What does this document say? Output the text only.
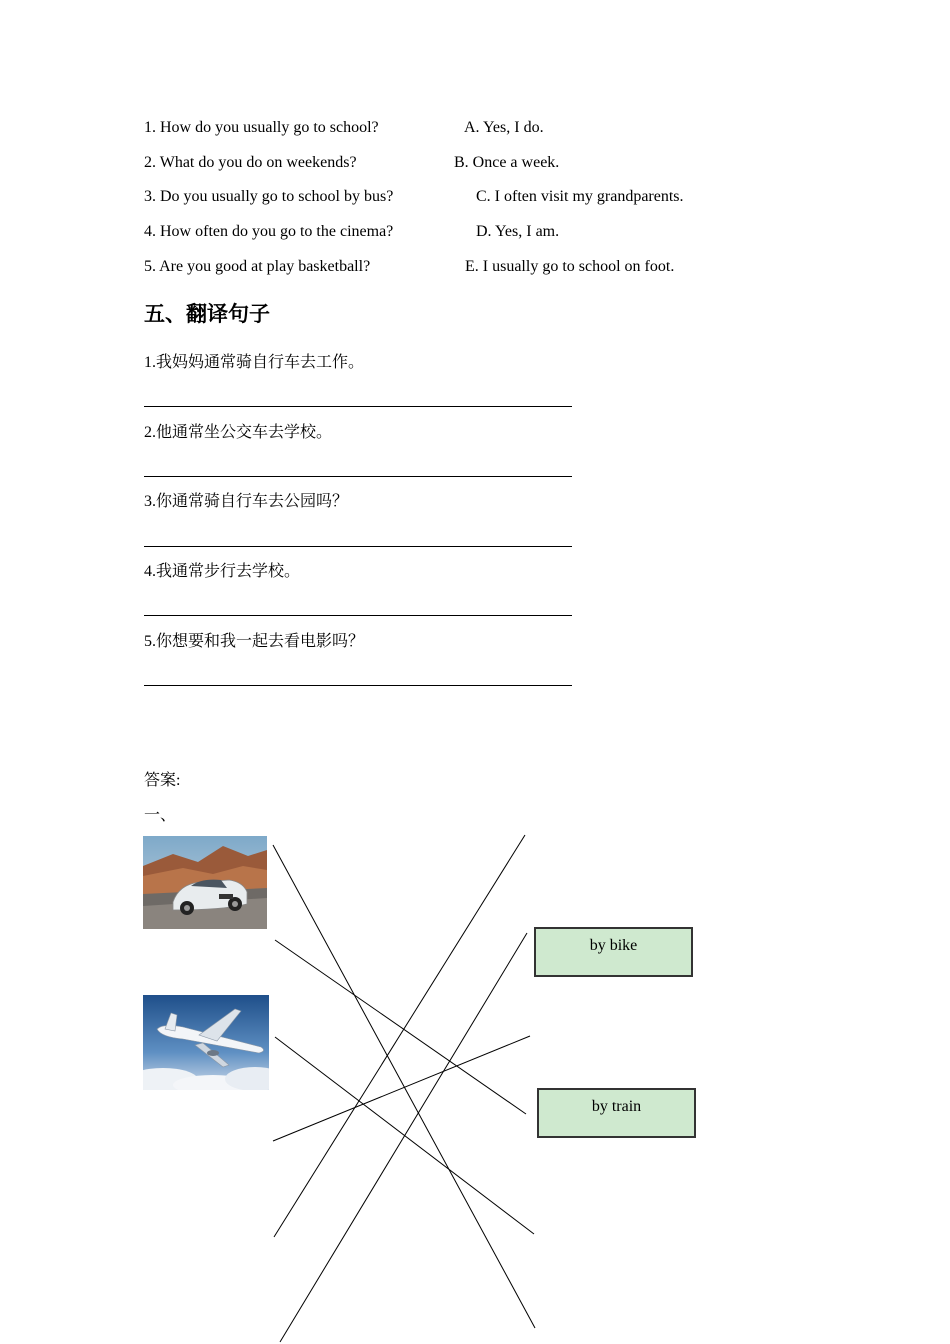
1. How do you usually go to school?
2. What do you do on weekends?
3. Do you usually go to school by bus?
4. How often do you go to the cinema?
5. Are you good at play basketball?
A. Yes, I do.
B. Once a week.
C. I often visit my grandparents.
D. Yes, I am.
E. I usually go to school on foot.
五、翻译句子
1.我妈妈通常骑自行车去工作。
2.他通常坐公交车去学校。
3.你通常骑自行车去公园吗？
4.我通常步行去学校。
5.你想要和我一起去看电影吗？
答案:
一、
by bike
by train
